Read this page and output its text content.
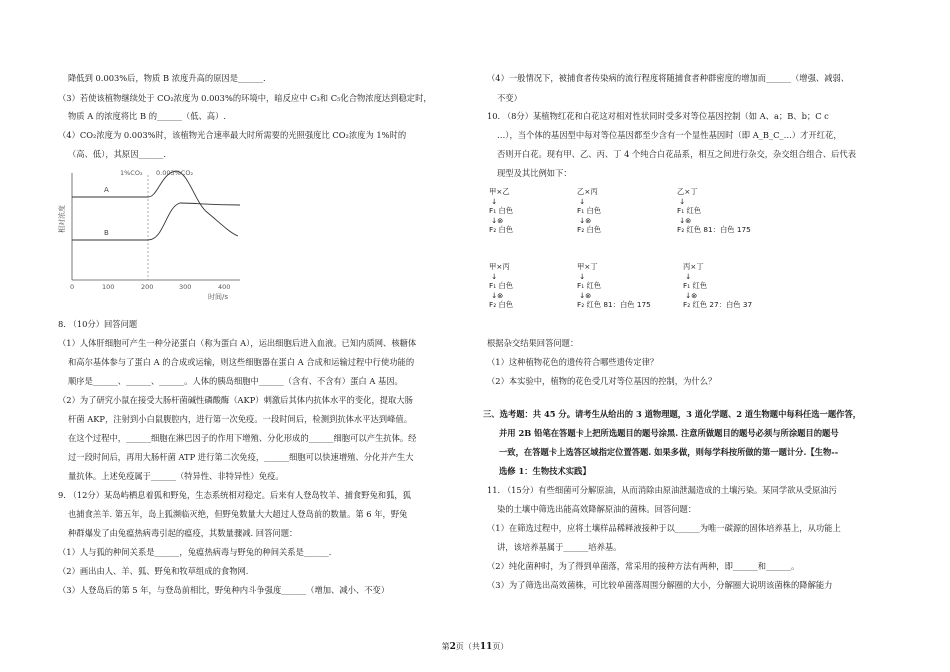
降低到 0.003%后，物质 B 浓度升高的原因是______.
（3）若使该植物继续处于 CO₂浓度为 0.003%的环境中，暗反应中 C₃和 C₅化合物浓度达到稳定时，
物质 A 的浓度将比 B 的______（低、高）.
（4）CO₂浓度为 0.003%时，该植物光合速率最大时所需要的光照强度比 CO₂浓度为 1%时的
（高、低），其原因______.
相对浓度
A
B
1%CO₂ 0.003%CO₂
0	100	200	300	400
时间/s
8. （10分）回答问题
（1）人体肝细胞可产生一种分泌蛋白（称为蛋白 A），运出细胞后进入血液。已知内质网、核糖体
和高尔基体参与了蛋白 A 的合成或运输，则这些细胞器在蛋白 A 合成和运输过程中行使功能的
顺序是______、______、______。人体的胰岛细胞中______（含有、不含有）蛋白 A 基因。
（2）为了研究小鼠在接受大肠杆菌碱性磷酸酶（AKP）刺激后其体内抗体水平的变化，提取大肠
杆菌 AKP，注射到小白鼠腹腔内，进行第一次免疫。一段时间后，检测到抗体水平达到峰值。
在这个过程中，______细胞在淋巴因子的作用下增殖、分化形成的______细胞可以产生抗体。经
过一段时间后，再用大肠杆菌 ATP 进行第二次免疫，______细胞可以快速增殖、分化并产生大
量抗体。上述免疫属于______（特异性、非特异性）免疫。
9. （12分）某岛屿栖息着狐和野兔，生态系统相对稳定。后来有人登岛牧羊、捕食野兔和狐，狐
也捕食羔羊. 第五年，岛上狐濒临灭绝，但野兔数量大大超过人登岛前的数量。第 6 年，野兔
种群爆发了由兔瘟热病毒引起的瘟疫，其数量骤减. 回答问题：
（1）人与狐的种间关系是______，兔瘟热病毒与野兔的种间关系是______.
（2）画出由人、羊、狐、野兔和牧草组成的食物网.
（3）人登岛后的第 5 年，与登岛前相比，野兔种内斗争强度______（增加、减小、不变）
（4）一般情况下，被捕食者传染病的流行程度将随捕食者种群密度的增加而______（增强、减弱、
不变）
10. （8分）某植物红花和白花这对相对性状同时受多对等位基因控制（如 A、a；B、b；C c
…），当个体的基因型中每对等位基因都至少含有一个显性基因时（即 A_B_C_…）才开红花，
否则开白花。现有甲、乙、丙、丁 4 个纯合白花品系，相互之间进行杂交，杂交组合组合、后代表
现型及其比例如下：
甲×乙
↓
F₁ 白色
↓⊗
F₂ 白色
乙×丙
↓
F₁ 白色
↓⊗
F₂ 白色
乙×丁
↓
F₁ 红色
↓⊗
F₂ 红色 81：白色 175
甲×丙
↓
F₁ 白色
↓⊗
F₂ 白色
甲×丁
↓
F₁ 红色
↓⊗
F₂ 红色 81：白色 175
丙×丁
↓
F₁ 红色
↓⊗
F₂ 红色 27：白色 37
根据杂交结果回答问题：
（1）这种植物花色的遗传符合哪些遗传定律？
（2）本实验中，植物的花色受几对等位基因的控制，为什么？
三、选考题：共 45 分。请考生从给出的 3 道物理题，3 道化学题、2 道生物题中每科任选一题作答，
并用 2B 铅笔在答题卡上把所选题目的题号涂黑. 注意所做题目的题号必须与所涂题目的题号
一致，在答题卡上选答区域指定位置答题. 如果多做，则每学科按所做的第一题计分.【生物--
选修 1：生物技术实践】
11. （15分）有些细菌可分解原油，从而消除由原油泄漏造成的土壤污染。某同学欲从受原油污
染的土壤中筛选出能高效降解原油的菌株。回答问题：
（1）在筛选过程中，应将土壤样品稀释液接种于以______为唯一碳源的固体培养基上，从功能上
讲，该培养基属于______培养基。
（2）纯化菌种时，为了得到单菌落，常采用的接种方法有两种，即______和______。
（3）为了筛选出高效菌株，可比较单菌落周围分解圈的大小，分解圈大说明该菌株的降解能力
第2页（共11页）
